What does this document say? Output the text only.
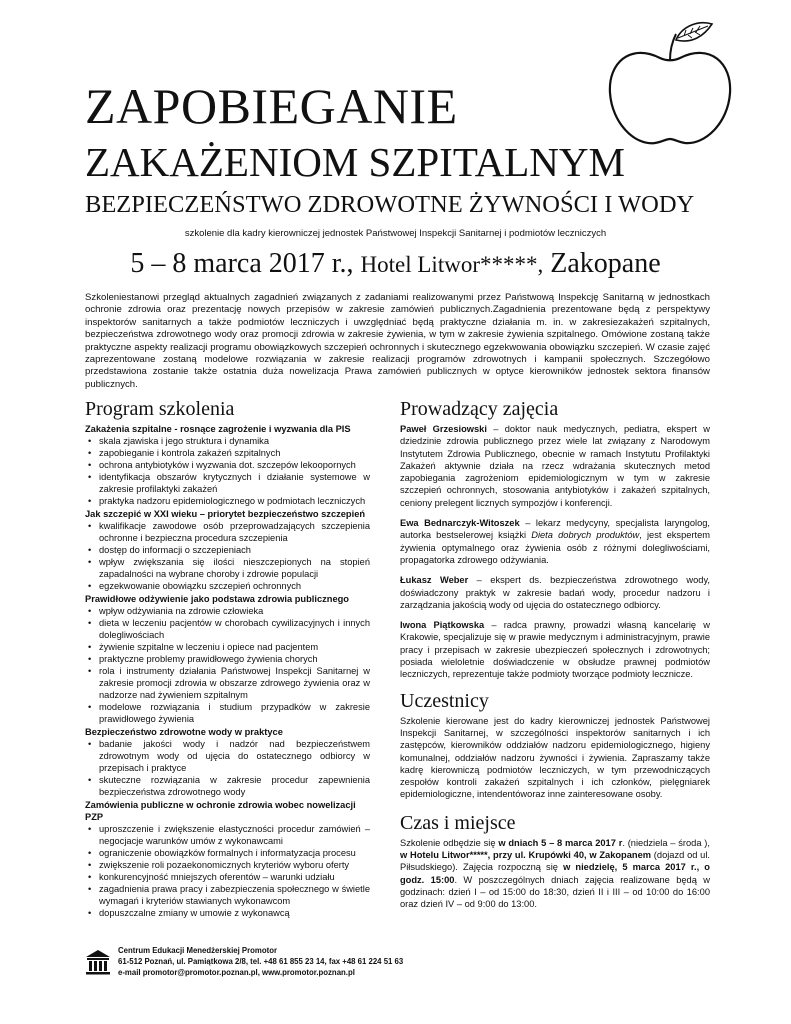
ZAPOBIEGANIE
ZAKAŻENIOM SZPITALNYM
BEZPIECZEŃSTWO ZDROWOTNE ŻYWNOŚCI I WODY
szkolenie dla kadry kierowniczej jednostek Państwowej Inspekcji Sanitarnej i podmiotów leczniczych
5 – 8 marca 2017 r., Hotel Litwor*****, Zakopane
Szkoleniestanowi przegląd aktualnych zagadnień związanych z zadaniami realizowanymi przez Państwową Inspekcję Sanitarną w jednostkach ochronie zdrowia oraz prezentację nowych przepisów w zakresie zamówień publicznych.Zagadnienia prezentowane będą z perspektywy inspektorów sanitarnych a także podmiotów leczniczych i uwzględniać będą praktyczne działania m. in. w zakresiezakażeń szpitalnych, bezpieczeństwa zdrowotnego wody oraz promocji zdrowia w zakresie żywienia, w tym w zakresie żywienia szpitalnego. Omówione zostaną także praktyczne aspekty realizacji programu obowiązkowych szczepień ochronnych i skutecznego egzekwowania obowiązku szczepień. W czasie zajęć zaprezentowane zostaną modelowe rozwiązania w zakresie realizacji programów zdrowotnych i kampanii społecznych. Szczegółowo przedstawiona zostanie także ostatnia duża nowelizacja Prawa zamówień publicznych w optyce kierowników jednostek sektora finansów publicznych.
Program szkolenia
Zakażenia szpitalne - rosnące zagrożenie i wyzwania dla PIS
• skala zjawiska i jego struktura i dynamika
• zapobieganie i kontrola zakażeń szpitalnych
• ochrona antybiotyków i wyzwania dot. szczepów lekoopornych
• identyfikacja obszarów krytycznych i działanie systemowe w zakresie profilaktyki zakażeń
• praktyka nadzoru epidemiologicznego w podmiotach leczniczych
Jak szczepić w XXI wieku – priorytet bezpieczeństwo szczepień
• kwalifikacje zawodowe osób przeprowadzających szczepienia ochronne i bezpieczna procedura szczepienia
• dostęp do informacji o szczepieniach
• wpływ zwiększania się ilości nieszczepionych na stopień zapadalności na wybrane choroby i zdrowie populacji
• egzekwowanie obowiązku szczepień ochronnych
Prawidłowe odżywienie jako podstawa zdrowia publicznego
• wpływ odżywiania na zdrowie człowieka
• dieta w leczeniu pacjentów w chorobach cywilizacyjnych i innych dolegliwościach
• żywienie szpitalne w leczeniu i opiece nad pacjentem
• praktyczne problemy prawidłowego żywienia chorych
• rola i instrumenty działania Państwowej Inspekcji Sanitarnej w zakresie promocji zdrowia w obszarze zdrowego żywienia oraz w nadzorze nad żywieniem szpitalnym
• modelowe rozwiązania i studium przypadków w zakresie prawidłowego żywienia
Bezpieczeństwo zdrowotne wody w praktyce
• badanie jakości wody i nadzór nad bezpieczeństwem zdrowotnym wody od ujęcia do ostatecznego odbiorcy w przepisach i praktyce
• skuteczne rozwiązania w zakresie procedur zapewnienia bezpieczeństwa zdrowotnego wody
Zamówienia publiczne w ochronie zdrowia wobec nowelizacji PZP
• uproszczenie i zwiększenie elastyczności procedur zamówień – negocjacje warunków umów z wykonawcami
• ograniczenie obowiązków formalnych i informatyzacja procesu
• zwiększenie roli pozaekonomicznych kryteriów wyboru oferty
• konkurencyjność mniejszych oferentów – warunki udziału
• zagadnienia prawa pracy i zabezpieczenia społecznego w świetle wymagań i kryteriów stawianych wykonawcom
• dopuszczalne zmiany w umowie z wykonawcą
Prowadzący zajęcia

Paweł Grzesiowski – doktor nauk medycznych, pediatra, ekspert w dziedzinie zdrowia publicznego przez wiele lat związany z Narodowym Instytutem Zdrowia Publicznego, obecnie w ramach Instytutu Profilaktyki Zakażeń aktywnie działa na rzecz wdrażania skutecznych metod zapobiegania zagrożeniom epidemiologicznym w tym w zakresie szczepień ochronnych, stosowania antybiotyków i zakażeń szpitalnych, ceniony prelegent licznych sympozjów i konferencji.

Ewa Bednarczyk-Witoszek – lekarz medycyny, specjalista laryngolog, autorka bestselerowej książki Dieta dobrych produktów, jest ekspertem żywienia optymalnego oraz żywienia osób z różnymi dolegliwościami, propagatorka zdrowego odżywiania.

Łukasz Weber – ekspert ds. bezpieczeństwa zdrowotnego wody, doświadczony praktyk w zakresie badań wody, procedur nadzoru i zarządzania jakością wody od ujęcia do ostatecznego odbiorcy.

Iwona Piątkowska – radca prawny, prowadzi własną kancelarię w Krakowie, specjalizuje się w prawie medycznym i administracyjnym, prawie pracy i przepisach w zakresie ubezpieczeń społecznych i zdrowotnych; posiada wieloletnie doświadczenie w obsłudze prawnej podmiotów leczniczych, reprezentuje także podmioty tworzące podmioty lecznicze.

Uczestnicy

Szkolenie kierowane jest do kadry kierowniczej jednostek Państwowej Inspekcji Sanitarnej, w szczególności inspektorów sanitarnych i ich zastępców, kierowników oddziałów nadzoru epidemiologicznego, higieny komunalnej, oddziałów nadzoru żywności i żywienia. Zapraszamy także kadrę kierowniczą podmiotów leczniczych, w tym przewodniczących zespołów kontroli zakażeń szpitalnych i ich członków, pielęgniarek epidemiologiczne, intendentóworaz inne zainteresowane osoby.

Czas i miejsce

Szkolenie odbędzie się w dniach 5 – 8 marca 2017 r. (niedziela – środa ), w Hotelu Litwor*****, przy ul. Krupówki 40, w Zakopanem (dojazd od ul. Piłsudskiego). Zajęcia rozpoczną się w niedzielę, 5 marca 2017 r., o godz. 15:00. W poszczególnych dniach zajęcia realizowane będą w godzinach: dzień I – od 15:00 do 18:30, dzień II i III – od 10:00 do 16:00 oraz dzień IV – od 9:00 do 13:00.

Centrum Edukacji Menedżerskiej Promotor
61-512 Poznań, ul. Pamiątkowa 2/8, tel. +48 61 855 23 14, fax +48 61 224 51 63
e-mail promotor@promotor.poznan.pl, www.promotor.poznan.pl
